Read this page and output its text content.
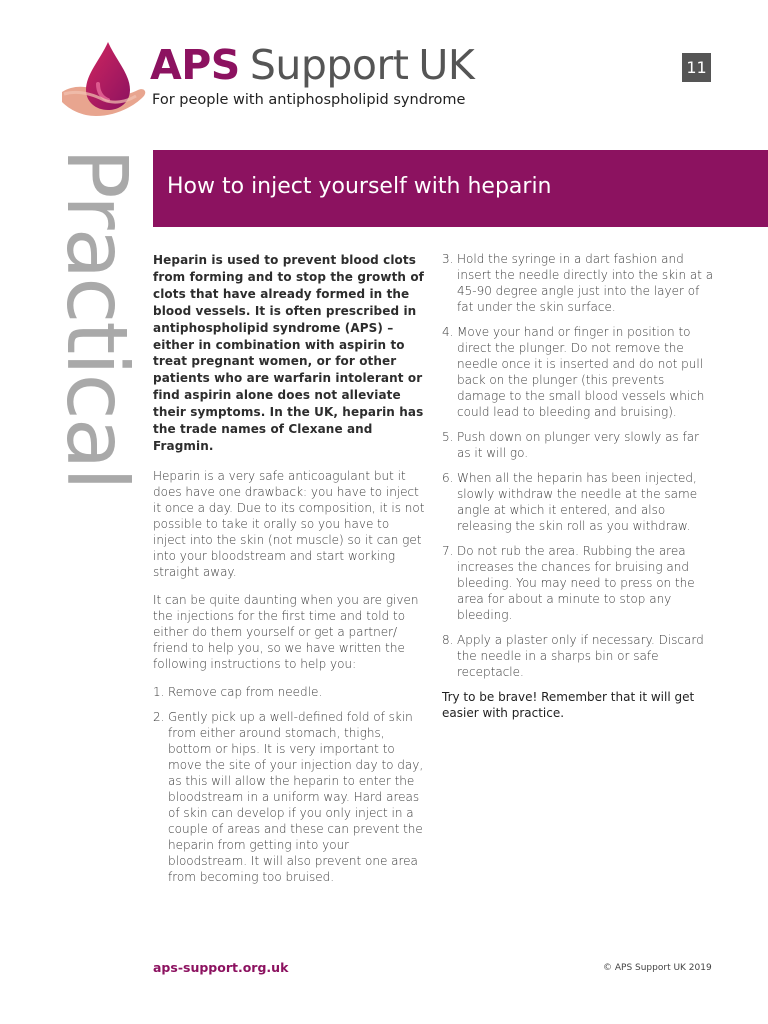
APS Support UK
For people with antiphospholipid syndrome
11
Practical How to inject yourself with heparin

Heparin is used to prevent blood clots from forming and to stop the growth of clots that have already formed in the blood vessels. It is often prescribed in antiphospholipid syndrome (APS) – either in combination with aspirin to treat pregnant women, or for other patients who are warfarin intolerant or find aspirin alone does not alleviate their symptoms. In the UK, heparin has the trade names of Clexane and Fragmin.

Heparin is a very safe anticoagulant but it does have one drawback: you have to inject it once a day. Due to its composition, it is not possible to take it orally so you have to inject into the skin (not muscle) so it can get into your bloodstream and start working straight away.

It can be quite daunting when you are given the injections for the first time and told to either do them yourself or get a partner/ friend to help you, so we have written the following instructions to help you:

1. Remove cap from needle.
2. Gently pick up a well-defined fold of skin from either around stomach, thighs, bottom or hips. It is very important to move the site of your injection day to day, as this will allow the heparin to enter the bloodstream in a uniform way. Hard areas of skin can develop if you only inject in a couple of areas and these can prevent the heparin from getting into your bloodstream. It will also prevent one area from becoming too bruised.
3. Hold the syringe in a dart fashion and insert the needle directly into the skin at a 45-90 degree angle just into the layer of fat under the skin surface.
4. Move your hand or finger in position to direct the plunger. Do not remove the needle once it is inserted and do not pull back on the plunger (this prevents damage to the small blood vessels which could lead to bleeding and bruising).
5. Push down on plunger very slowly as far as it will go.
6. When all the heparin has been injected, slowly withdraw the needle at the same angle at which it entered, and also releasing the skin roll as you withdraw.
7. Do not rub the area. Rubbing the area increases the chances for bruising and bleeding. You may need to press on the area for about a minute to stop any bleeding.
8. Apply a plaster only if necessary. Discard the needle in a sharps bin or safe receptacle.

Try to be brave! Remember that it will get easier with practice.

aps-support.org.uk	© APS Support UK 2019
